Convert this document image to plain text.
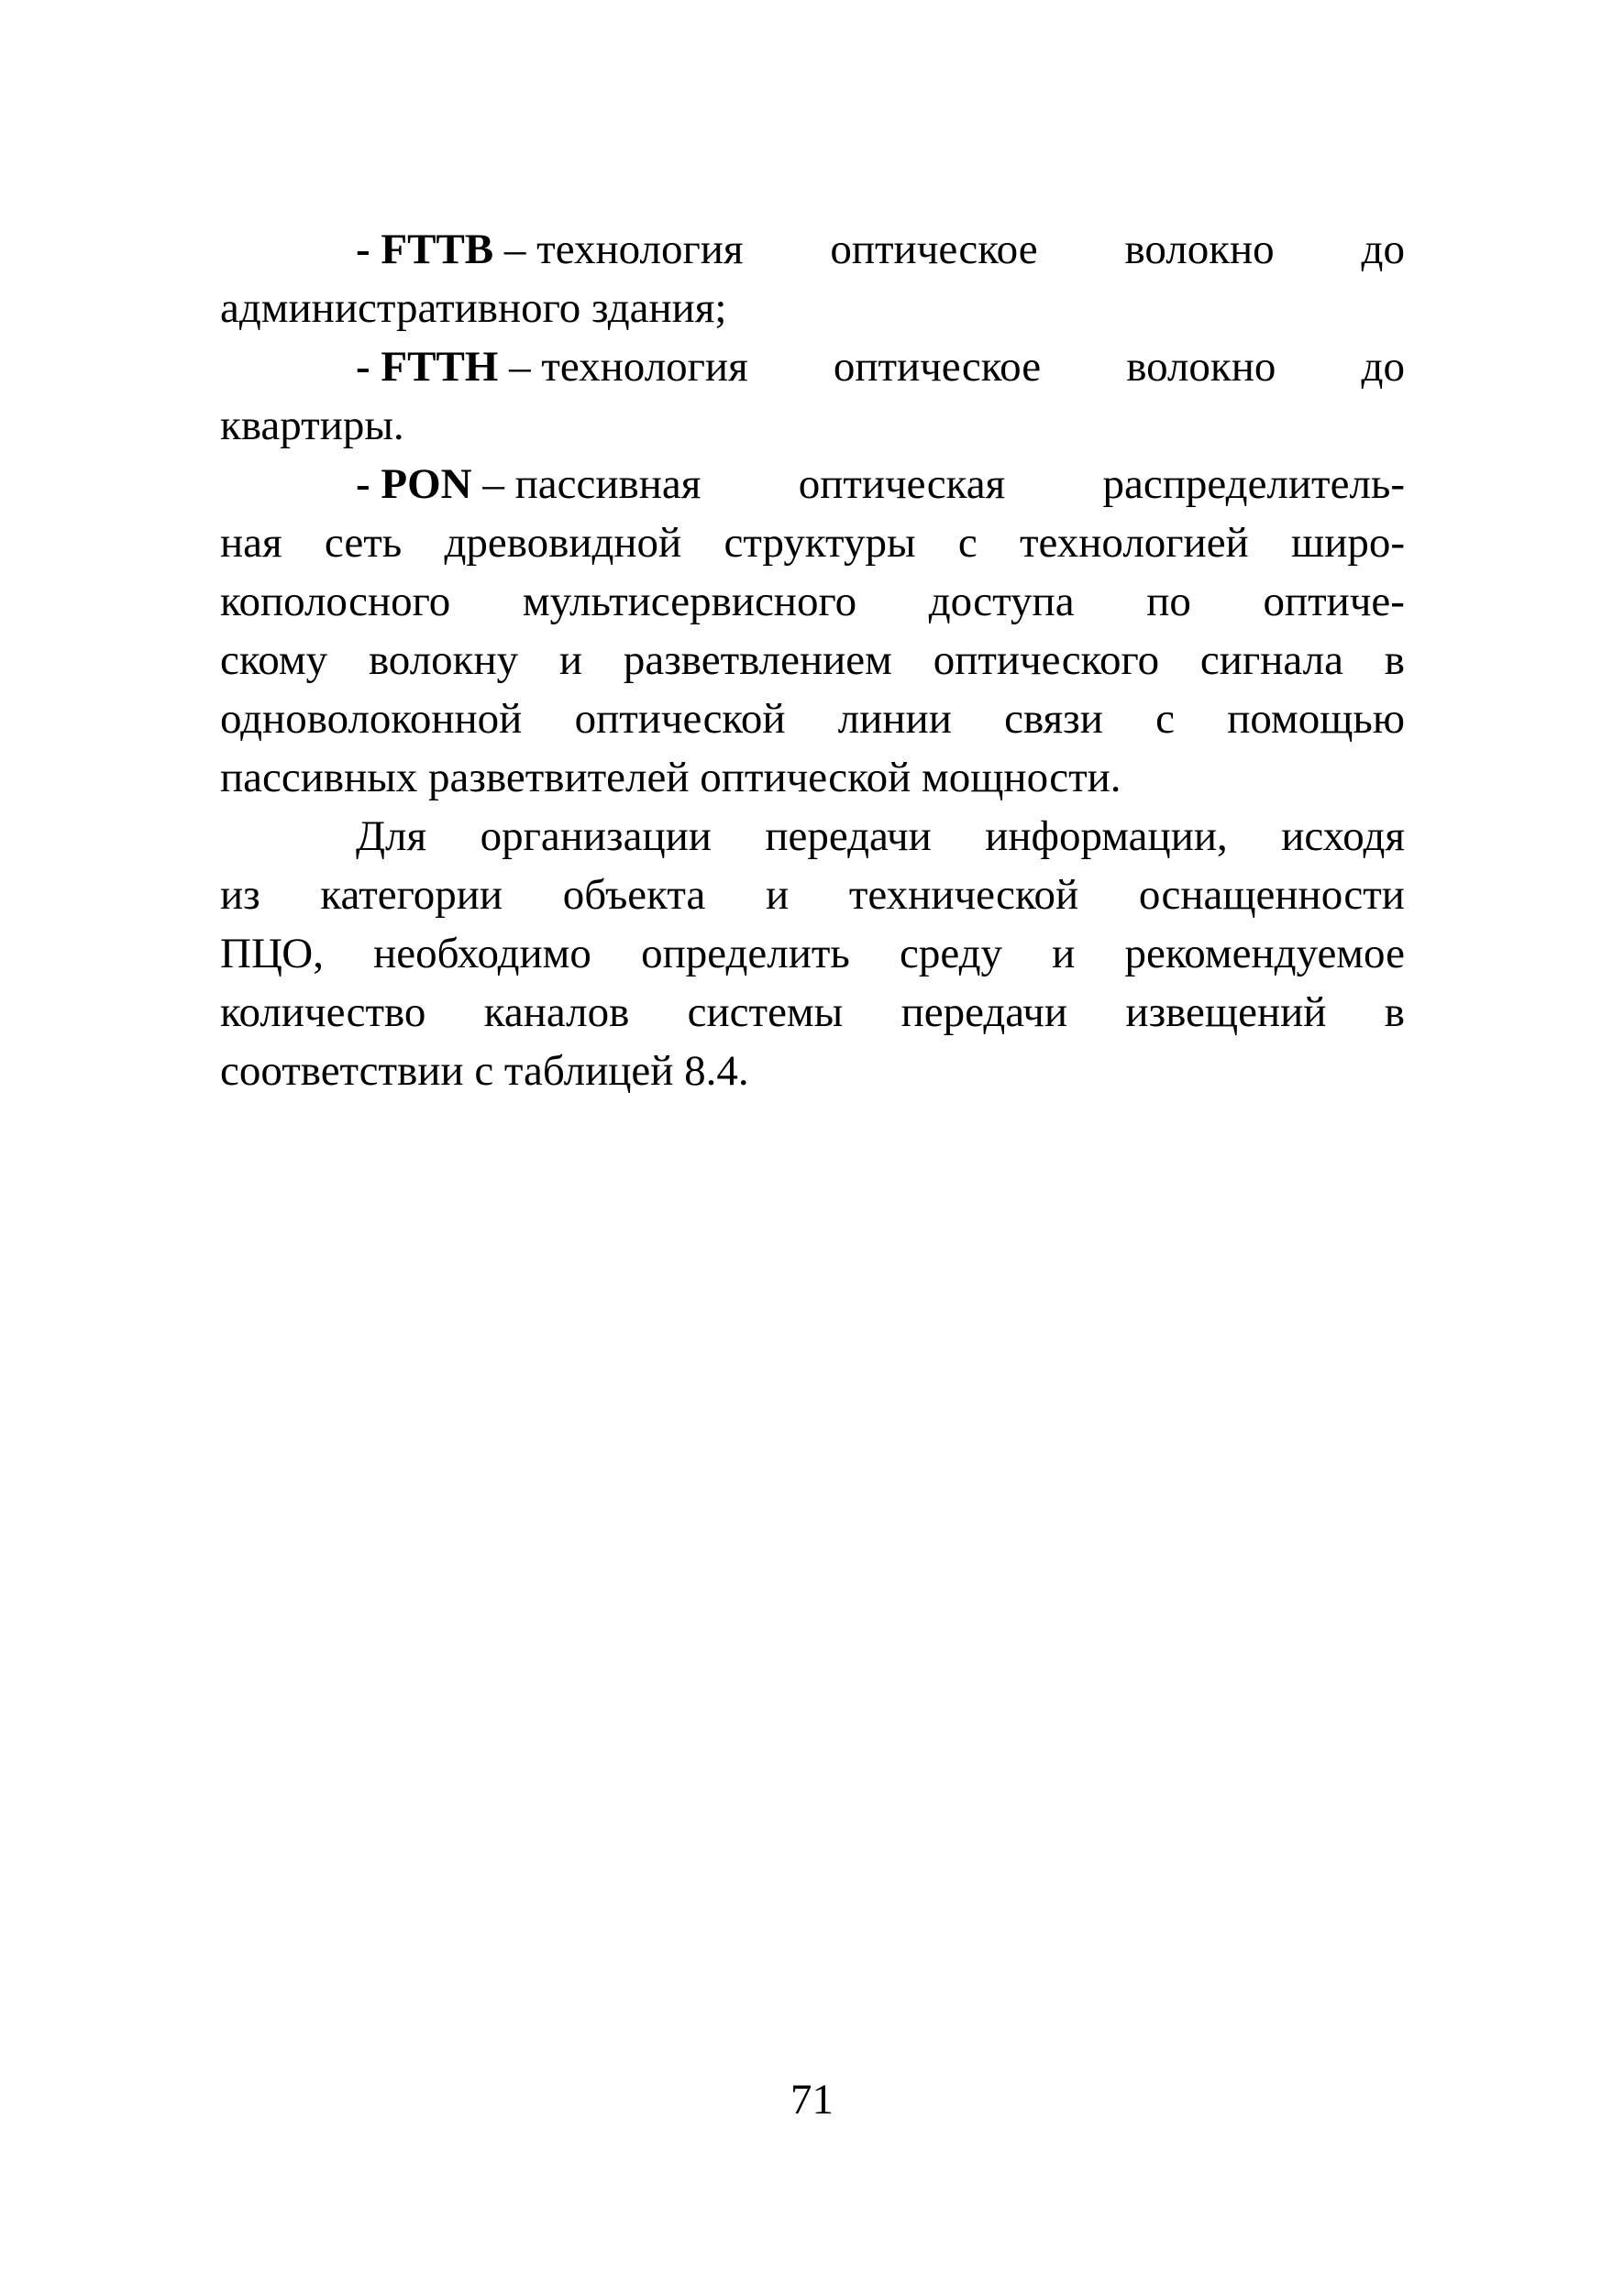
- FTTB – технология оптическое волокно до
административного здания;
- FTTH – технология оптическое волокно до
квартиры.
- PON – пассивная оптическая распределитель-
ная сеть древовидной структуры с технологией широ-
кополосного мультисервисного доступа по оптиче-
скому волокну и разветвлением оптического сигнала в
одноволоконной оптической линии связи с помощью
пассивных разветвителей оптической мощности.
Для организации передачи информации, исходя
из категории объекта и технической оснащенности
ПЦО, необходимо определить среду и рекомендуемое
количество каналов системы передачи извещений в
соответствии с таблицей 8.4.
71
